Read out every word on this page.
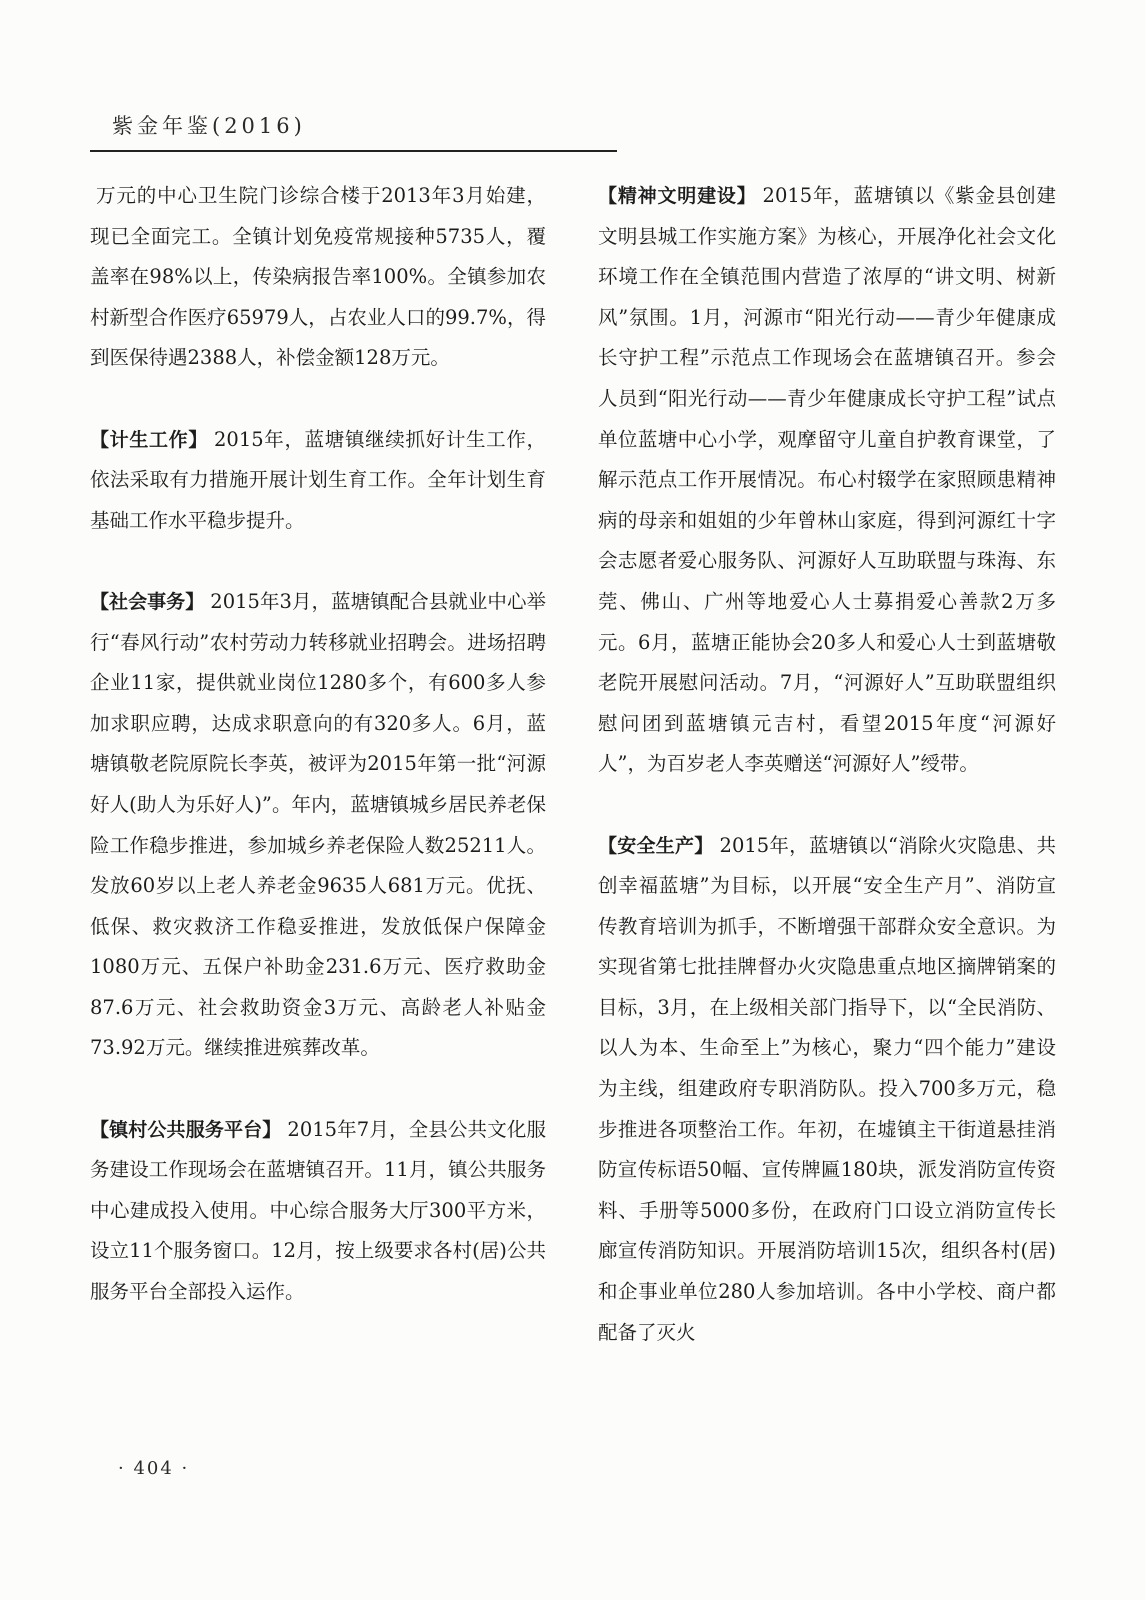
紫金年鉴(2016)

万元的中心卫生院门诊综合楼于2013年3月始建，现已全面完工。全镇计划免疫常规接种5735人，覆盖率在98%以上，传染病报告率100%。全镇参加农村新型合作医疗65979人，占农业人口的99.7%，得到医保待遇2388人，补偿金额128万元。

【计生工作】 2015年，蓝塘镇继续抓好计生工作，依法采取有力措施开展计划生育工作。全年计划生育基础工作水平稳步提升。

【社会事务】 2015年3月，蓝塘镇配合县就业中心举行“春风行动”农村劳动力转移就业招聘会。进场招聘企业11家，提供就业岗位1280多个，有600多人参加求职应聘，达成求职意向的有320多人。6月，蓝塘镇敬老院原院长李英，被评为2015年第一批“河源好人(助人为乐好人)”。年内，蓝塘镇城乡居民养老保险工作稳步推进，参加城乡养老保险人数25211人。发放60岁以上老人养老金9635人681万元。优抚、低保、救灾救济工作稳妥推进，发放低保户保障金1080万元、五保户补助金231.6万元、医疗救助金87.6万元、社会救助资金3万元、高龄老人补贴金73.92万元。继续推进殡葬改革。

【镇村公共服务平台】 2015年7月，全县公共文化服务建设工作现场会在蓝塘镇召开。11月，镇公共服务中心建成投入使用。中心综合服务大厅300平方米，设立11个服务窗口。12月，按上级要求各村(居)公共服务平台全部投入运作。

【精神文明建设】 2015年，蓝塘镇以《紫金县创建文明县城工作实施方案》为核心，开展净化社会文化环境工作在全镇范围内营造了浓厚的“讲文明、树新风”氛围。1月，河源市“阳光行动——青少年健康成长守护工程”示范点工作现场会在蓝塘镇召开。参会人员到“阳光行动——青少年健康成长守护工程”试点单位蓝塘中心小学，观摩留守儿童自护教育课堂，了解示范点工作开展情况。布心村辍学在家照顾患精神病的母亲和姐姐的少年曾林山家庭，得到河源红十字会志愿者爱心服务队、河源好人互助联盟与珠海、东莞、佛山、广州等地爱心人士募捐爱心善款2万多元。6月，蓝塘正能协会20多人和爱心人士到蓝塘敬老院开展慰问活动。7月，“河源好人”互助联盟组织慰问团到蓝塘镇元吉村，看望2015年度“河源好人”，为百岁老人李英赠送“河源好人”绶带。

【安全生产】 2015年，蓝塘镇以“消除火灾隐患、共创幸福蓝塘”为目标，以开展“安全生产月”、消防宣传教育培训为抓手，不断增强干部群众安全意识。为实现省第七批挂牌督办火灾隐患重点地区摘牌销案的目标，3月，在上级相关部门指导下，以“全民消防、以人为本、生命至上”为核心，聚力“四个能力”建设为主线，组建政府专职消防队。投入700多万元，稳步推进各项整治工作。年初，在墟镇主干街道悬挂消防宣传标语50幅、宣传牌匾180块，派发消防宣传资料、手册等5000多份，在政府门口设立消防宣传长廊宣传消防知识。开展消防培训15次，组织各村(居)和企事业单位280人参加培训。各中小学校、商户都配备了灭火

· 404 ·
